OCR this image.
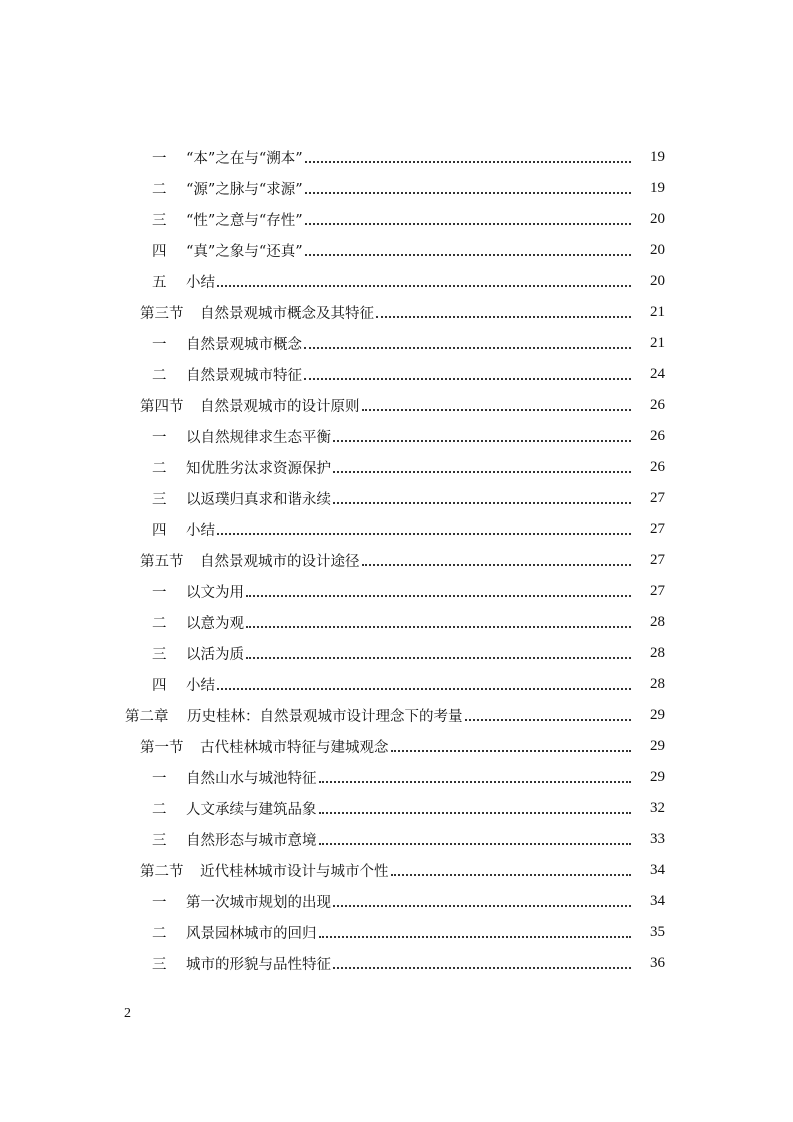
一	“本”之在与“溯本”	19
二	“源”之脉与“求源”	19
三	“性”之意与“存性”	20
四	“真”之象与“还真”	20
五	小结	20
第三节	自然景观城市概念及其特征	21
一	自然景观城市概念	21
二	自然景观城市特征	24
第四节	自然景观城市的设计原则	26
一	以自然规律求生态平衡	26
二	知优胜劣汰求资源保护	26
三	以返璞归真求和谐永续	27
四	小结	27
第五节	自然景观城市的设计途径	27
一	以文为用	27
二	以意为观	28
三	以活为质	28
四	小结	28
第二章	历史桂林：自然景观城市设计理念下的考量	29
第一节	古代桂林城市特征与建城观念	29
一	自然山水与城池特征	29
二	人文承续与建筑品象	32
三	自然形态与城市意境	33
第二节	近代桂林城市设计与城市个性	34
一	第一次城市规划的出现	34
二	风景园林城市的回归	35
三	城市的形貌与品性特征	36
2
